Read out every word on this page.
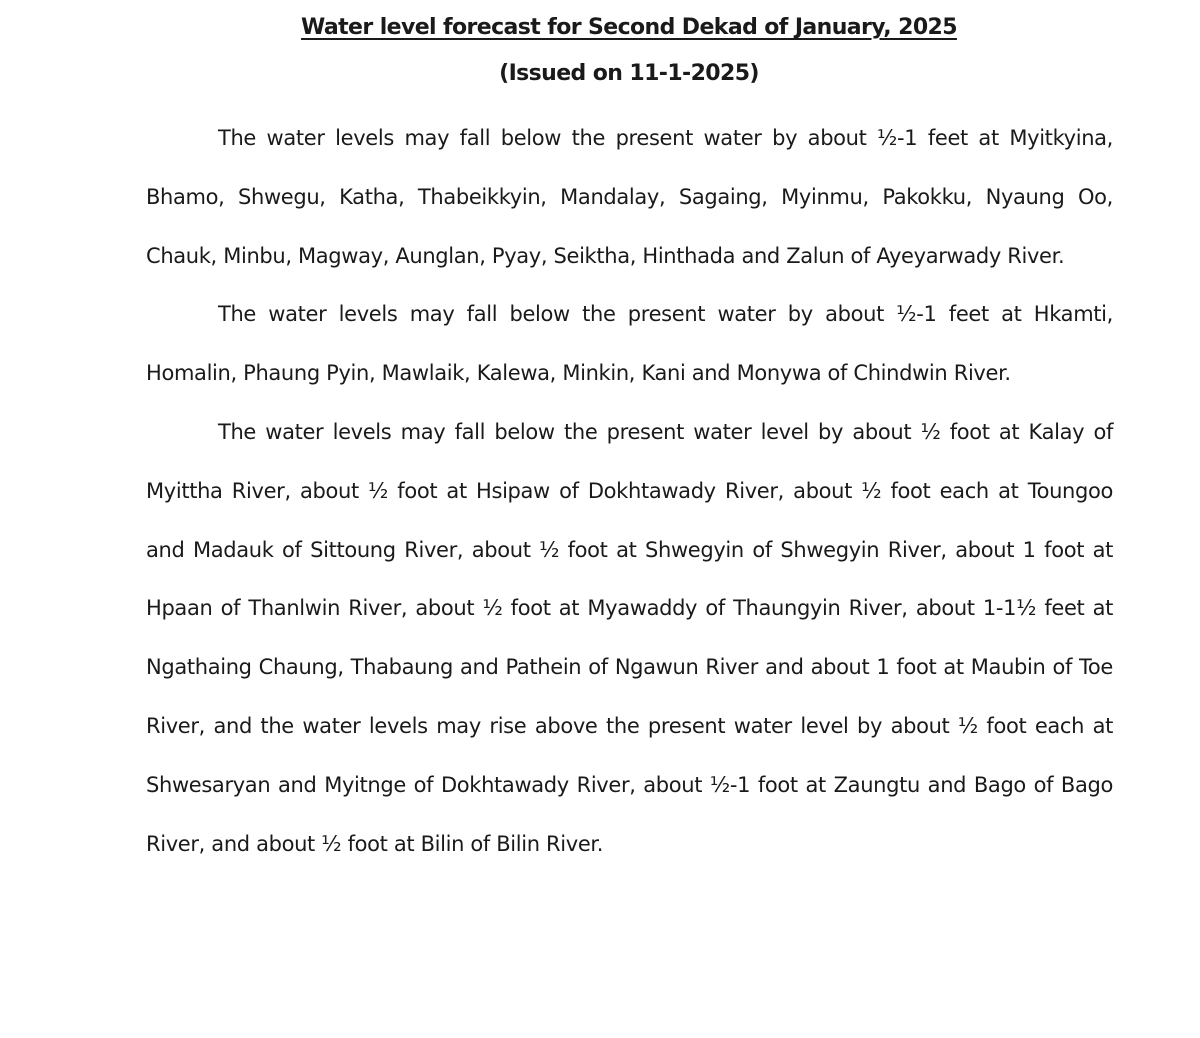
Water level forecast for Second Dekad of January, 2025
(Issued on 11-1-2025)

The water levels may fall below the present water by about ½-1 feet at Myitkyina, Bhamo, Shwegu, Katha, Thabeikkyin, Mandalay, Sagaing, Myinmu, Pakokku, Nyaung Oo, Chauk, Minbu, Magway, Aunglan, Pyay, Seiktha, Hinthada and Zalun of Ayeyarwady River.

The water levels may fall below the present water by about ½-1 feet at Hkamti, Homalin, Phaung Pyin, Mawlaik, Kalewa, Minkin, Kani and Monywa of Chindwin River.

The water levels may fall below the present water level by about ½ foot at Kalay of Myittha River, about ½ foot at Hsipaw of Dokhtawady River, about ½ foot each at Toungoo and Madauk of Sittoung River, about ½ foot at Shwegyin of Shwegyin River, about 1 foot at Hpaan of Thanlwin River, about ½ foot at Myawaddy of Thaungyin River, about 1-1½ feet at Ngathaing Chaung, Thabaung and Pathein of Ngawun River and about 1 foot at Maubin of Toe River, and the water levels may rise above the present water level by about ½ foot each at Shwesaryan and Myitnge of Dokhtawady River, about ½-1 foot at Zaungtu and Bago of Bago River, and about ½ foot at Bilin of Bilin River.
